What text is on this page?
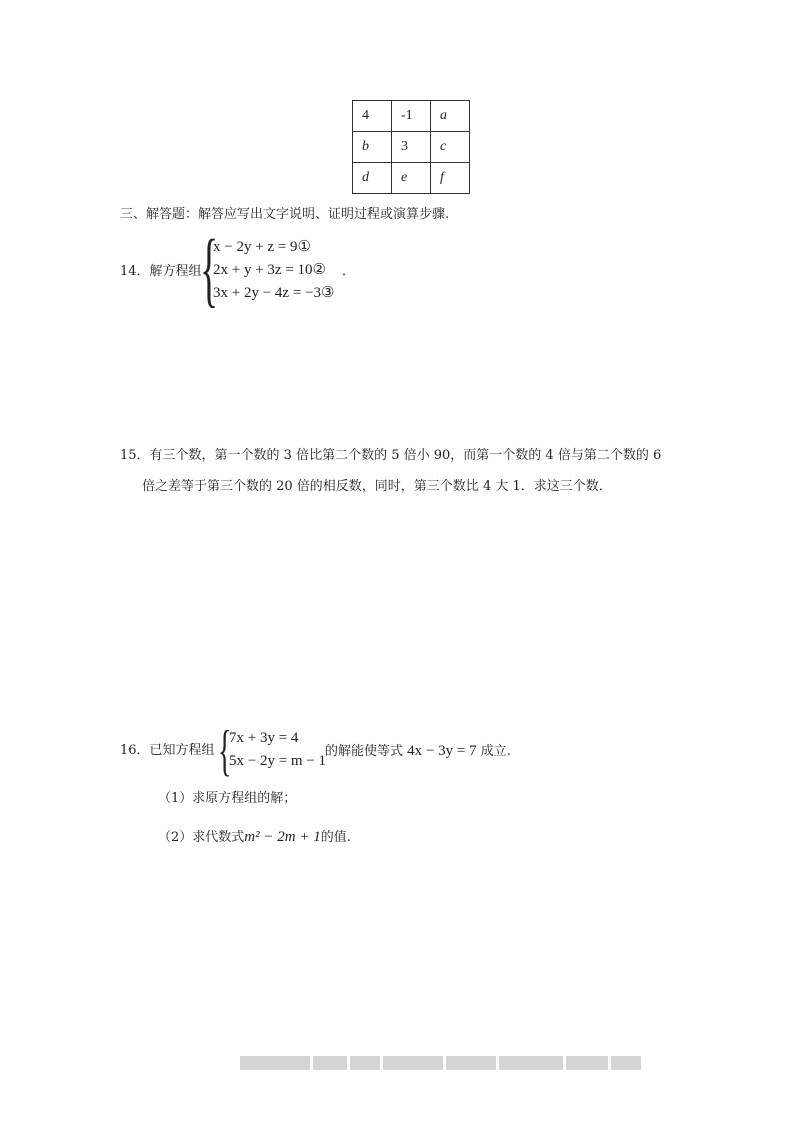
4	-1	a
b	3	c
d	e	f
三、解答题：解答应写出文字说明、证明过程或演算步骤.
14．解方程组
{
x − 2y + z = 9①
2x + y + 3z = 10②
3x + 2y − 4z = −3③
．
15．有三个数，第一个数的 3 倍比第二个数的 5 倍小 90，而第一个数的 4 倍与第二个数的 6
倍之差等于第三个数的 20 倍的相反数，同时，第三个数比 4 大 1．求这三个数．
16．已知方程组 {
7x + 3y = 4
5x − 2y = m − 1
的解能使等式 4x − 3y = 7 成立.
（1）求原方程组的解；
（2）求代数式m² − 2m + 1的值.
